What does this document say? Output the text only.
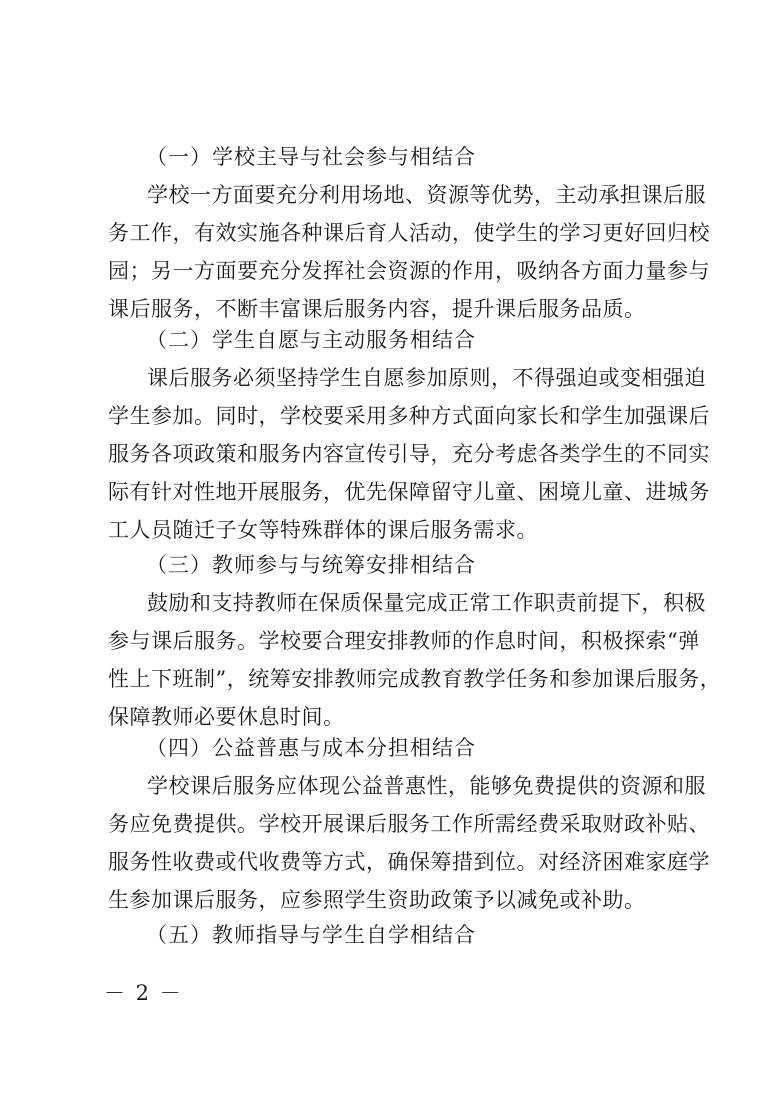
（一）学校主导与社会参与相结合
学校一方面要充分利用场地、资源等优势，主动承担课后服
务工作，有效实施各种课后育人活动，使学生的学习更好回归校
园；另一方面要充分发挥社会资源的作用，吸纳各方面力量参与
课后服务，不断丰富课后服务内容，提升课后服务品质。
（二）学生自愿与主动服务相结合
课后服务必须坚持学生自愿参加原则，不得强迫或变相强迫
学生参加。同时，学校要采用多种方式面向家长和学生加强课后
服务各项政策和服务内容宣传引导，充分考虑各类学生的不同实
际有针对性地开展服务，优先保障留守儿童、困境儿童、进城务
工人员随迁子女等特殊群体的课后服务需求。
（三）教师参与与统筹安排相结合
鼓励和支持教师在保质保量完成正常工作职责前提下，积极
参与课后服务。学校要合理安排教师的作息时间，积极探索“弹
性上下班制”，统筹安排教师完成教育教学任务和参加课后服务，
保障教师必要休息时间。
（四）公益普惠与成本分担相结合
学校课后服务应体现公益普惠性，能够免费提供的资源和服
务应免费提供。学校开展课后服务工作所需经费采取财政补贴、
服务性收费或代收费等方式，确保筹措到位。对经济困难家庭学
生参加课后服务，应参照学生资助政策予以减免或补助。
（五）教师指导与学生自学相结合
－ 2 －
